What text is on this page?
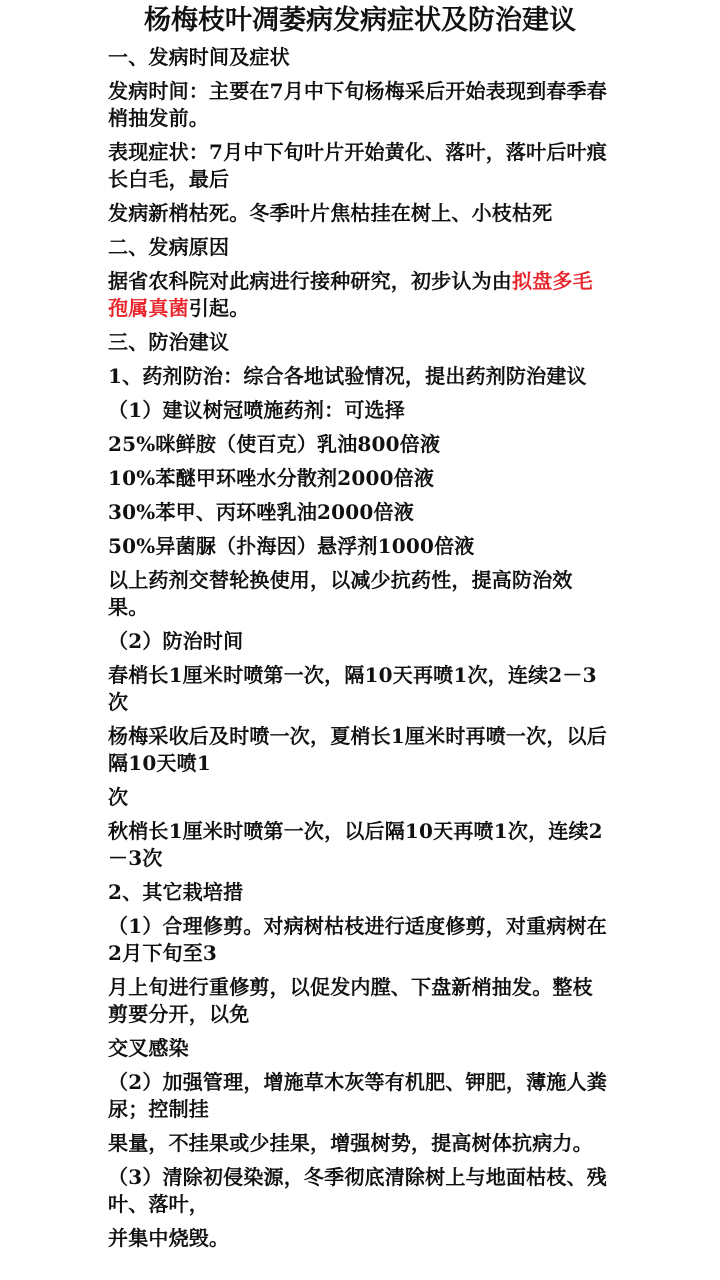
杨梅枝叶凋萎病发病症状及防治建议

一、发病时间及症状

发病时间：主要在7月中下旬杨梅采后开始表现到春季春梢抽发前。

表现症状：7月中下旬叶片开始黄化、落叶，落叶后叶痕长白毛，最后

发病新梢枯死。冬季叶片焦枯挂在树上、小枝枯死

二、发病原因

据省农科院对此病进行接种研究，初步认为由拟盘多毛孢属真菌引起。

三、防治建议

1、药剂防治：综合各地试验情况，提出药剂防治建议

（1）建议树冠喷施药剂：可选择

25%咪鲜胺（使百克）乳油800倍液

10%苯醚甲环唑水分散剂2000倍液

30%苯甲、丙环唑乳油2000倍液

50%异菌脲（扑海因）悬浮剂1000倍液

以上药剂交替轮换使用，以减少抗药性，提高防治效果。

（2）防治时间

春梢长1厘米时喷第一次，隔10天再喷1次，连续2－3次

杨梅采收后及时喷一次，夏梢长1厘米时再喷一次，以后隔10天喷1

次

秋梢长1厘米时喷第一次，以后隔10天再喷1次，连续2－3次

2、其它栽培措

（1）合理修剪。对病树枯枝进行适度修剪，对重病树在2月下旬至3

月上旬进行重修剪，以促发内膛、下盘新梢抽发。整枝剪要分开，以免

交叉感染

（2）加强管理，增施草木灰等有机肥、钾肥，薄施人粪尿；控制挂

果量，不挂果或少挂果，增强树势，提高树体抗病力。

（3）清除初侵染源，冬季彻底清除树上与地面枯枝、残叶、落叶，

并集中烧毁。
